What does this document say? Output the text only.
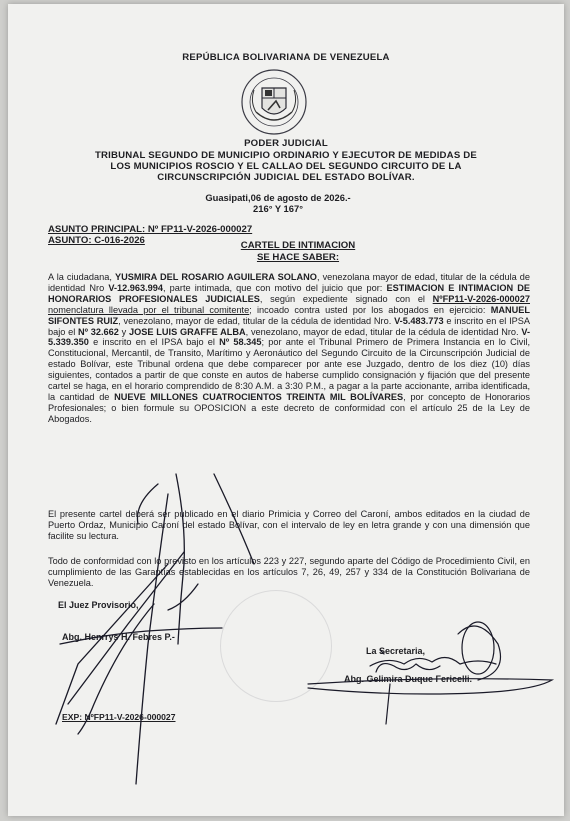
REPÚBLICA BOLIVARIANA DE VENEZUELA
PODER JUDICIAL
TRIBUNAL SEGUNDO DE MUNICIPIO ORDINARIO Y EJECUTOR DE MEDIDAS DE
LOS MUNICIPIOS ROSCIO Y EL CALLAO DEL SEGUNDO CIRCUITO DE LA
CIRCUNSCRIPCIÓN JUDICIAL DEL ESTADO BOLÍVAR.
Guasipati,06 de agosto de 2026.-
216° Y 167°
ASUNTO PRINCIPAL: Nº FP11-V-2026-000027
ASUNTO: C-016-2026	CARTEL DE INTIMACION
SE HACE SABER:
A la ciudadana, YUSMIRA DEL ROSARIO AGUILERA SOLANO, venezolana mayor de edad, titular de la cédula de identidad Nro V-12.963.994, parte intimada, que con motivo del juicio que por: ESTIMACION E INTIMACION DE HONORARIOS PROFESIONALES JUDICIALES, según expediente signado con el NºFP11-V-2026-000027 nomenclatura llevada por el tribunal comitente; incoado contra usted por los abogados en ejercicio: MANUEL SIFONTES RUIZ, venezolano, mayor de edad, titular de la cédula de identidad Nro. V-5.483.773 e inscrito en el IPSA bajo el Nº 32.662 y JOSE LUIS GRAFFE ALBA, venezolano, mayor de edad, titular de la cédula de identidad Nro. V-5.339.350 e inscrito en el IPSA bajo el Nº 58.345; por ante el Tribunal Primero de Primera Instancia en lo Civil, Constitucional, Mercantil, de Transito, Marítimo y Aeronáutico del Segundo Circuito de la Circunscripción Judicial de estado Bolívar, este Tribunal ordena que debe comparecer por ante ese Juzgado, dentro de los diez (10) días siguientes, contados a partir de que conste en autos de haberse cumplido consignación y fijación que del presente cartel se haga, en el horario comprendido de 8:30 A.M. a 3:30 P.M., a pagar a la parte accionante, arriba identificada, la cantidad de NUEVE MILLONES CUATROCIENTOS TREINTA MIL BOLÍVARES, por concepto de Honorarios Profesionales; o bien formule su OPOSICION a este decreto de conformidad con el artículo 25 de la Ley de Abogados.
El presente cartel deberá ser publicado en el diario Primicia y Correo del Caroní, ambos editados en la ciudad de Puerto Ordaz, Municipio Caroní del estado Bolívar, con el intervalo de ley en letra grande y con una dimensión que facilite su lectura.
Todo de conformidad con lo previsto en los artículos 223 y 227, segundo aparte del Código de Procedimiento Civil, en cumplimiento de las Garantías establecidas en los artículos 7, 26, 49, 257 y 334 de la Constitución Bolivariana de Venezuela.
El Juez Provisorio,
Abg. Henrrys H. Febres P.-
La Secretaria,
Abg. Gelimira Duque Fericelli.
EXP: NºFP11-V-2026-000027
